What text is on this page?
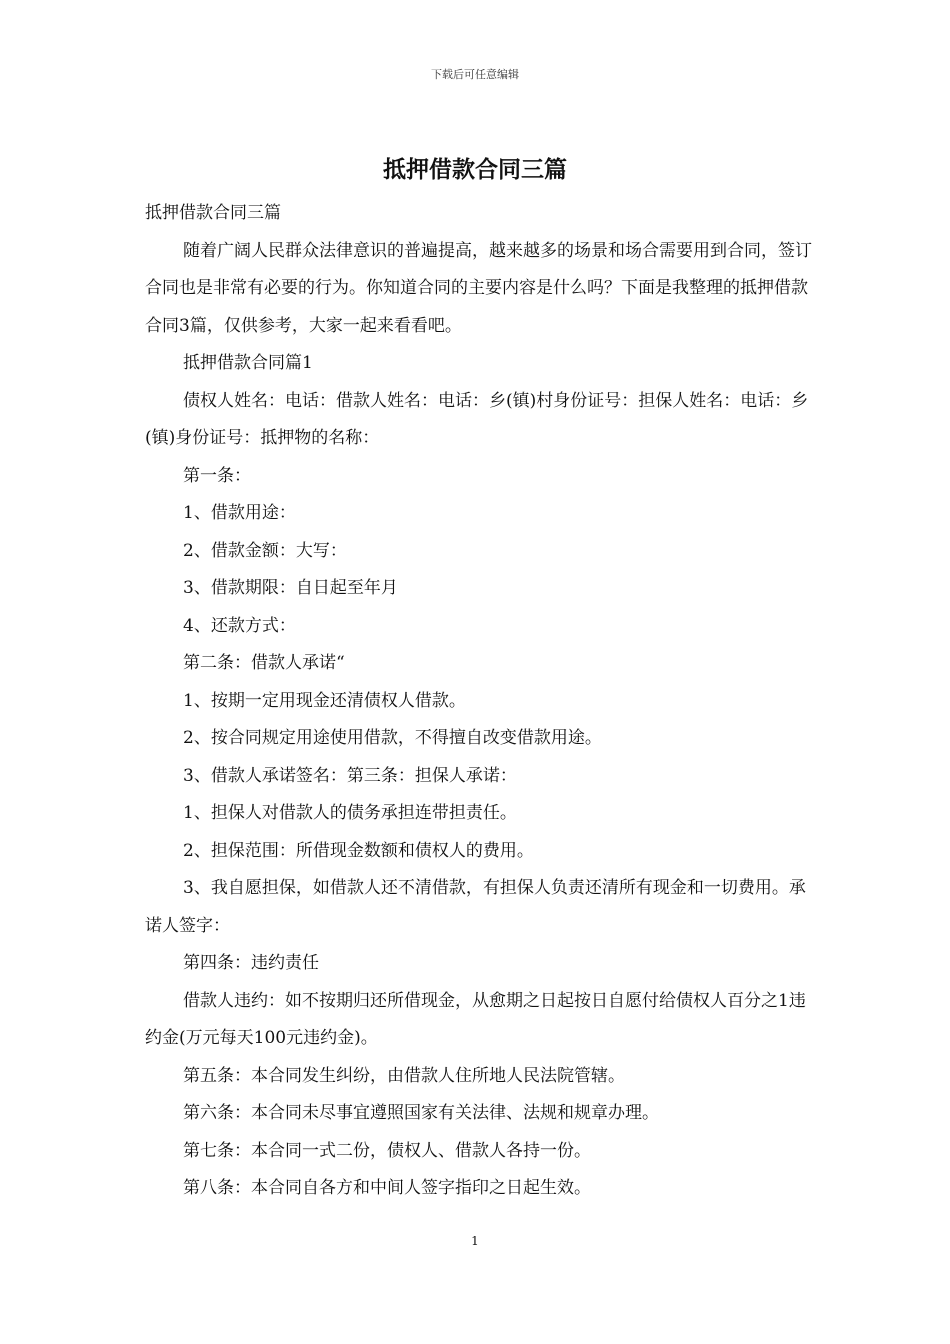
下载后可任意编辑
抵押借款合同三篇

抵押借款合同三篇

随着广阔人民群众法律意识的普遍提高，越来越多的场景和场合需要用到合同，签订合同也是非常有必要的行为。你知道合同的主要内容是什么吗？下面是我整理的抵押借款合同3篇，仅供参考，大家一起来看看吧。

抵押借款合同篇1

债权人姓名：电话：借款人姓名：电话：乡(镇)村身份证号：担保人姓名：电话：乡(镇)身份证号：抵押物的名称：

第一条：

1、借款用途：

2、借款金额：大写：

3、借款期限：自日起至年月

4、还款方式：

第二条：借款人承诺“

1、按期一定用现金还清债权人借款。

2、按合同规定用途使用借款，不得擅自改变借款用途。

3、借款人承诺签名：第三条：担保人承诺：

1、担保人对借款人的债务承担连带担责任。

2、担保范围：所借现金数额和债权人的费用。

3、我自愿担保，如借款人还不清借款，有担保人负责还清所有现金和一切费用。承诺人签字：

第四条：违约责任

借款人违约：如不按期归还所借现金，从愈期之日起按日自愿付给债权人百分之1违约金(万元每天100元违约金)。

第五条：本合同发生纠纷，由借款人住所地人民法院管辖。

第六条：本合同未尽事宜遵照国家有关法律、法规和规章办理。

第七条：本合同一式二份，债权人、借款人各持一份。

第八条：本合同自各方和中间人签字指印之日起生效。

1
